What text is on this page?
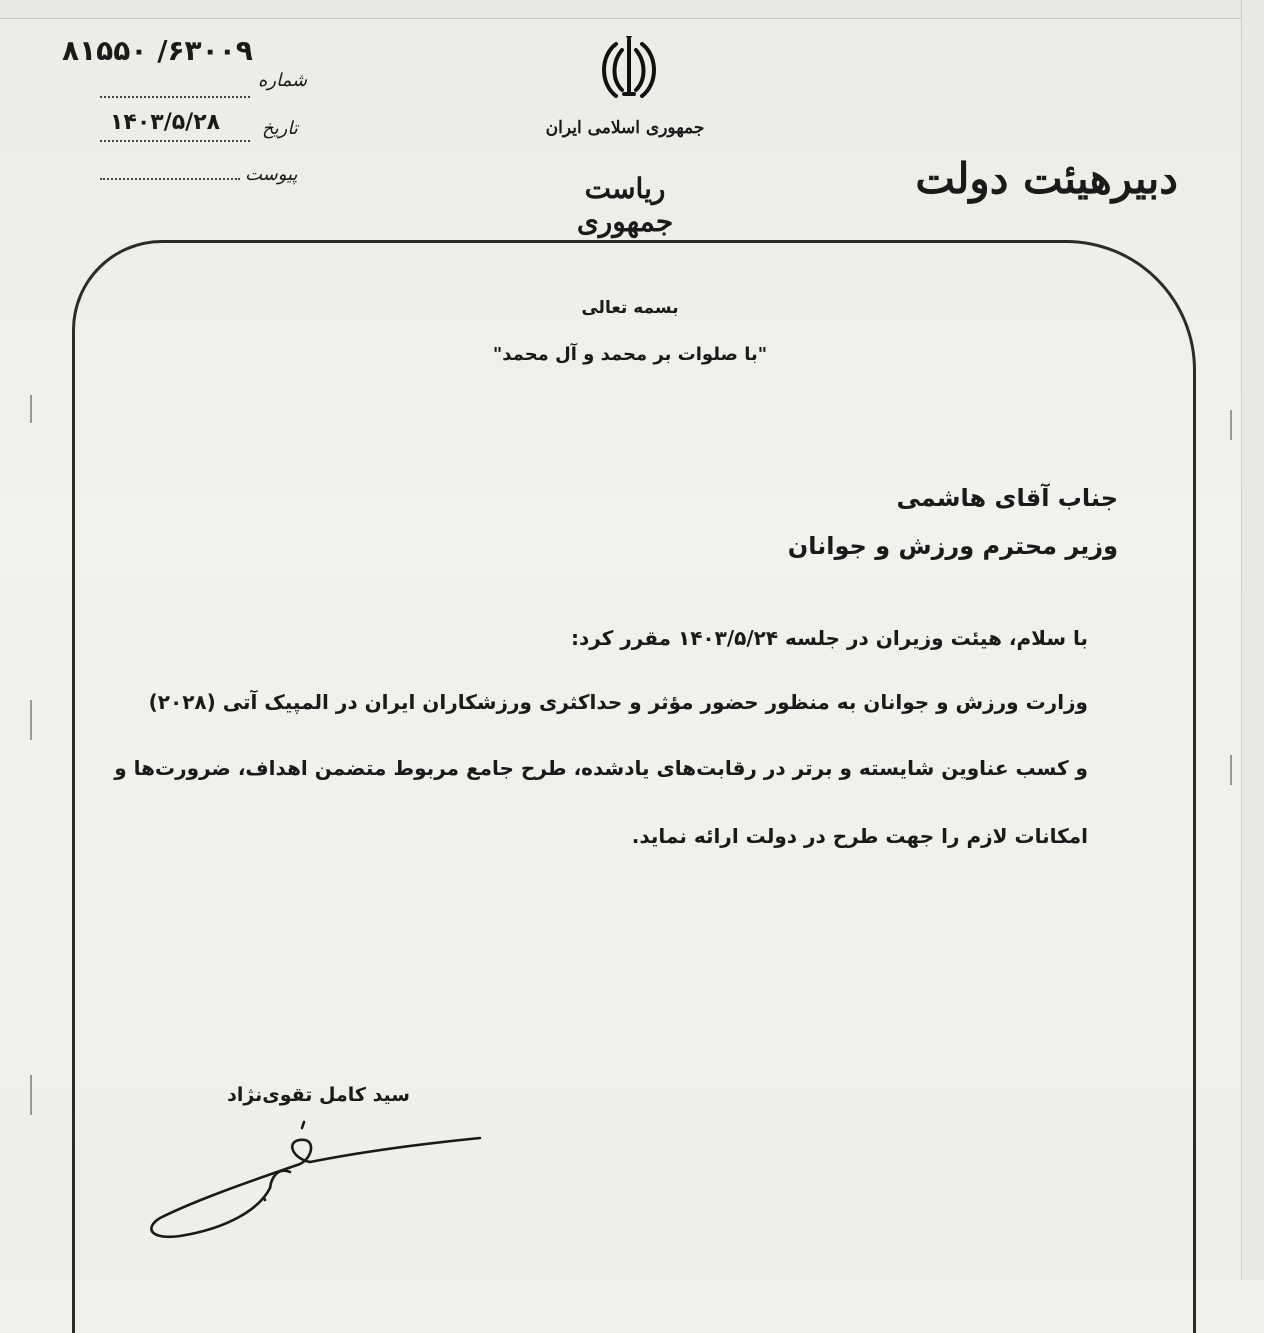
۶۳۰۰۹/ ۸۱۵۵۰
شماره
۱۴۰۳/۵/۲۸ تاریخ
پیوست
جمهوری اسلامی ایران
ریاست جمهوری
دبیرهیئت دولت
بسمه تعالی
"با صلوات بر محمد و آل محمد"
جناب آقای هاشمی
وزیر محترم ورزش و جوانان
با سلام، هیئت وزیران در جلسه ۱۴۰۳/۵/۲۴ مقرر کرد:
وزارت ورزش و جوانان به منظور حضور مؤثر و حداکثری ورزشکاران ایران در المپیک آتی (۲۰۲۸)
و کسب عناوین شایسته و برتر در رقابت‌های یادشده، طرح جامع مربوط متضمن اهداف، ضرورت‌ها و
امکانات لازم را جهت طرح در دولت ارائه نماید.
سید کامل تقوی‌نژاد
